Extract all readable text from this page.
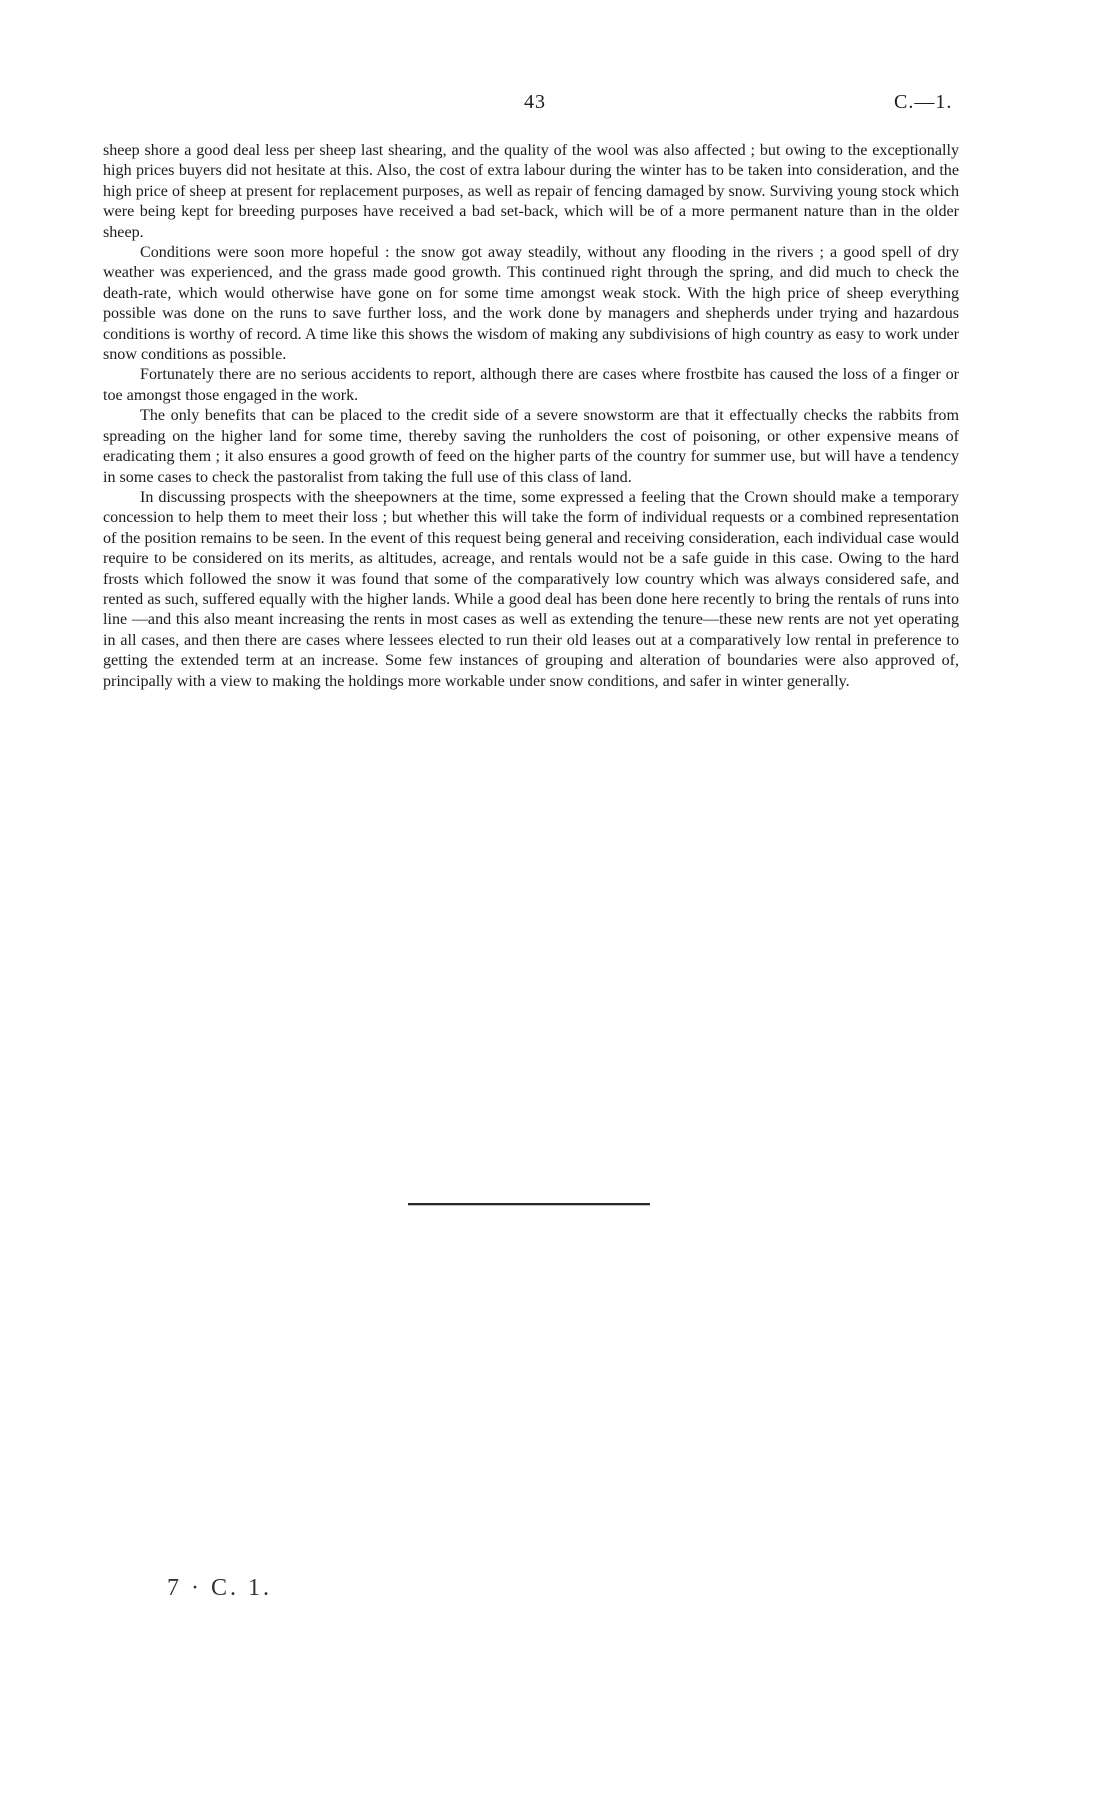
43	C.—1.

sheep shore a good deal less per sheep last shearing, and the quality of the wool was also affected ; but owing to the exceptionally high prices buyers did not hesitate at this. Also, the cost of extra labour during the winter has to be taken into consideration, and the high price of sheep at present for replacement purposes, as well as repair of fencing damaged by snow. Surviving young stock which were being kept for breeding purposes have received a bad set-back, which will be of a more permanent nature than in the older sheep.

Conditions were soon more hopeful : the snow got away steadily, without any flooding in the rivers ; a good spell of dry weather was experienced, and the grass made good growth. This continued right through the spring, and did much to check the death-rate, which would otherwise have gone on for some time amongst weak stock. With the high price of sheep everything possible was done on the runs to save further loss, and the work done by managers and shepherds under trying and hazardous conditions is worthy of record. A time like this shows the wisdom of making any subdivisions of high country as easy to work under snow conditions as possible.

Fortunately there are no serious accidents to report, although there are cases where frostbite has caused the loss of a finger or toe amongst those engaged in the work.

The only benefits that can be placed to the credit side of a severe snowstorm are that it effectually checks the rabbits from spreading on the higher land for some time, thereby saving the runholders the cost of poisoning, or other expensive means of eradicating them ; it also ensures a good growth of feed on the higher parts of the country for summer use, but will have a tendency in some cases to check the pastoralist from taking the full use of this class of land.

In discussing prospects with the sheepowners at the time, some expressed a feeling that the Crown should make a temporary concession to help them to meet their loss ; but whether this will take the form of individual requests or a combined representation of the position remains to be seen. In the event of this request being general and receiving consideration, each individual case would require to be considered on its merits, as altitudes, acreage, and rentals would not be a safe guide in this case. Owing to the hard frosts which followed the snow it was found that some of the comparatively low country which was always considered safe, and rented as such, suffered equally with the higher lands. While a good deal has been done here recently to bring the rentals of runs into line —and this also meant increasing the rents in most cases as well as extending the tenure—these new rents are not yet operating in all cases, and then there are cases where lessees elected to run their old leases out at a comparatively low rental in preference to getting the extended term at an increase. Some few instances of grouping and alteration of boundaries were also approved of, principally with a view to making the holdings more workable under snow conditions, and safer in winter generally.

7 · C. 1.
